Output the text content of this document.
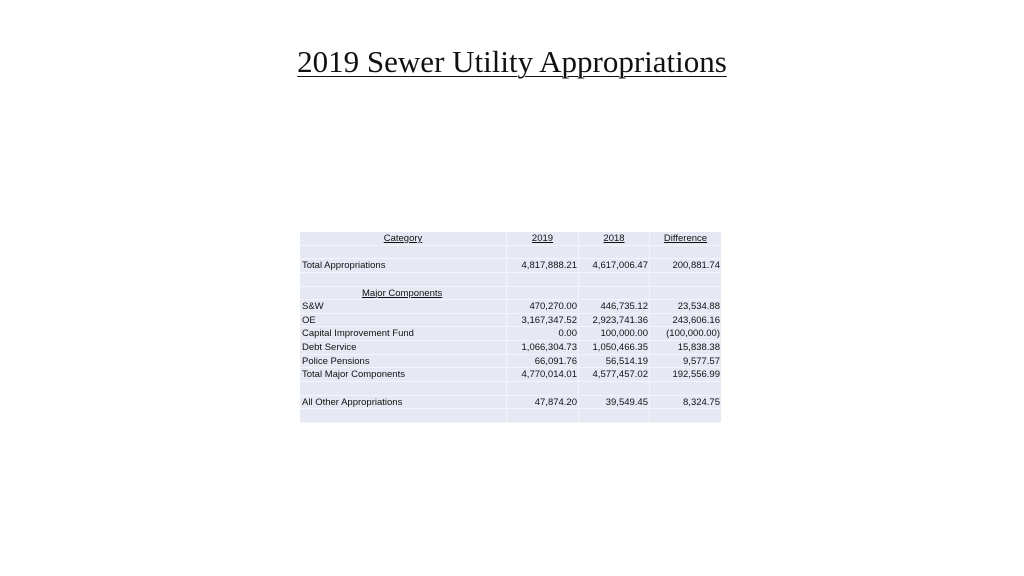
2019 Sewer Utility Appropriations
Category	2019	2018	Difference
Total Appropriations	4,817,888.21	4,617,006.47	200,881.74
Major Components
S&W	470,270.00	446,735.12	23,534.88
OE	3,167,347.52	2,923,741.36	243,606.16
Capital Improvement Fund	0.00	100,000.00	(100,000.00)
Debt Service	1,066,304.73	1,050,466.35	15,838.38
Police Pensions	66,091.76	56,514.19	9,577.57
Total Major Components	4,770,014.01	4,577,457.02	192,556.99
All Other Appropriations	47,874.20	39,549.45	8,324.75
